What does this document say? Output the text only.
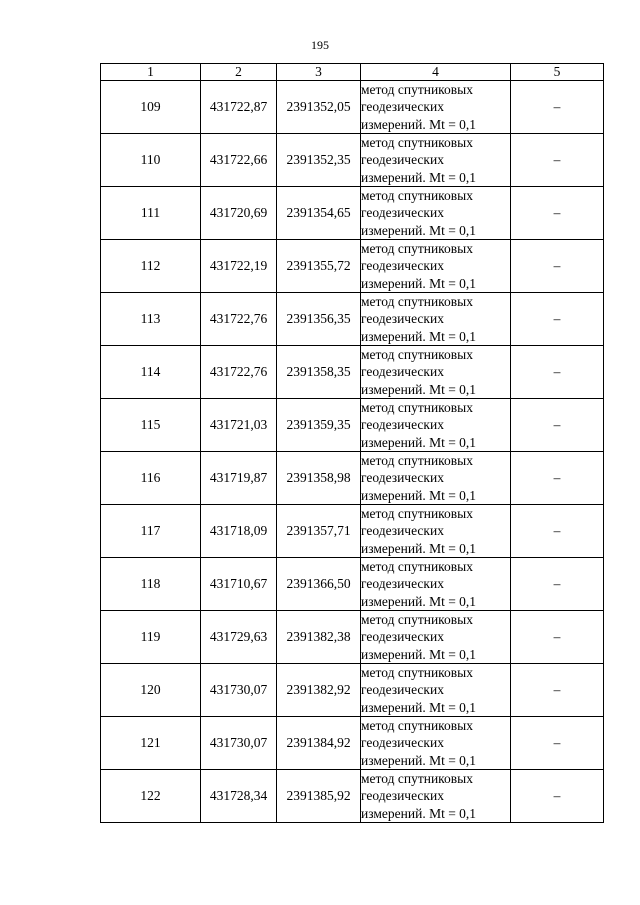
195
1	2	3	4	5
109	431722,87	2391352,05	метод спутниковых
геодезических
измерений. Mt = 0,1	–
110	431722,66	2391352,35	метод спутниковых
геодезических
измерений. Mt = 0,1	–
111	431720,69	2391354,65	метод спутниковых
геодезических
измерений. Mt = 0,1	–
112	431722,19	2391355,72	метод спутниковых
геодезических
измерений. Mt = 0,1	–
113	431722,76	2391356,35	метод спутниковых
геодезических
измерений. Mt = 0,1	–
114	431722,76	2391358,35	метод спутниковых
геодезических
измерений. Mt = 0,1	–
115	431721,03	2391359,35	метод спутниковых
геодезических
измерений. Mt = 0,1	–
116	431719,87	2391358,98	метод спутниковых
геодезических
измерений. Mt = 0,1	–
117	431718,09	2391357,71	метод спутниковых
геодезических
измерений. Mt = 0,1	–
118	431710,67	2391366,50	метод спутниковых
геодезических
измерений. Mt = 0,1	–
119	431729,63	2391382,38	метод спутниковых
геодезических
измерений. Mt = 0,1	–
120	431730,07	2391382,92	метод спутниковых
геодезических
измерений. Mt = 0,1	–
121	431730,07	2391384,92	метод спутниковых
геодезических
измерений. Mt = 0,1	–
122	431728,34	2391385,92	метод спутниковых
геодезических
измерений. Mt = 0,1	–
